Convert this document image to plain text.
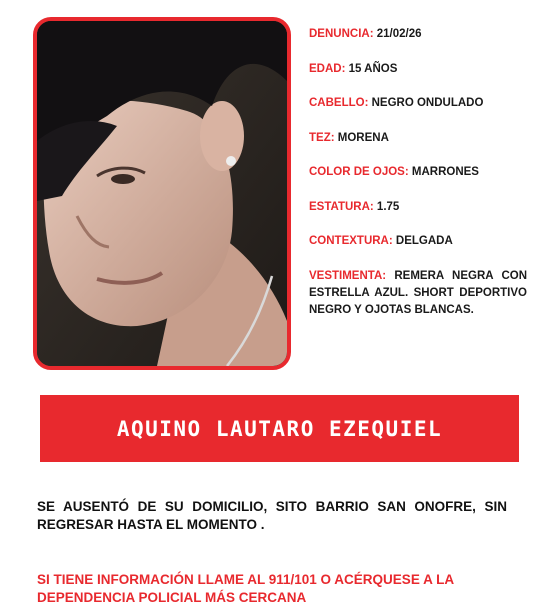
DENUNCIA: 21/02/26
EDAD: 15 AÑOS
CABELLO: NEGRO ONDULADO
TEZ: MORENA
COLOR DE OJOS: MARRONES
ESTATURA: 1.75
CONTEXTURA: DELGADA
VESTIMENTA: REMERA NEGRA CON ESTRELLA AZUL. SHORT DEPORTIVO NEGRO Y OJOTAS BLANCAS.
AQUINO LAUTARO EZEQUIEL
SE AUSENTÓ DE SU DOMICILIO, SITO BARRIO SAN ONOFRE, SIN REGRESAR HASTA EL MOMENTO .
SI TIENE INFORMACIÓN LLAME AL 911/101 O ACÉRQUESE A LA DEPENDENCIA POLICIAL MÁS CERCANA
